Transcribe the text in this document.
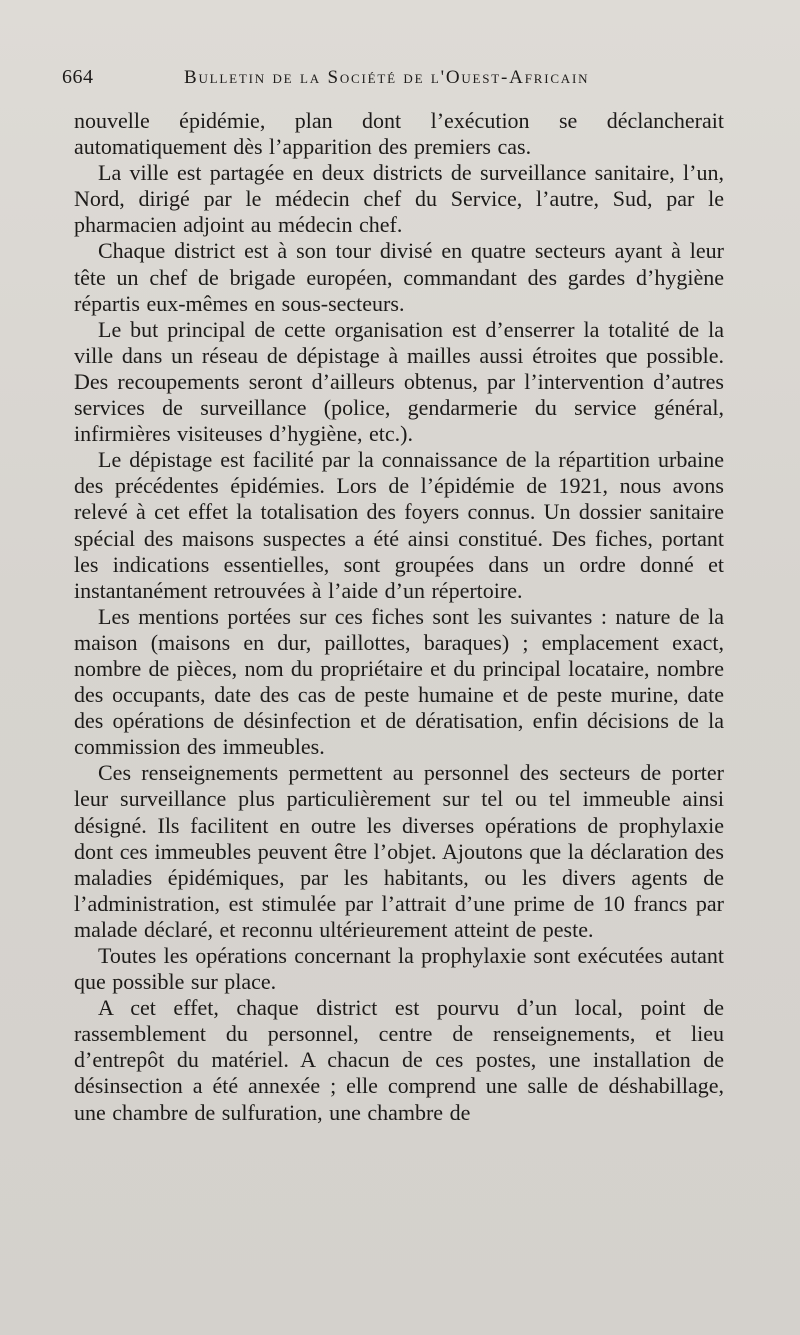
664	Bulletin de la Société de l'Ouest-Africain

nouvelle épidémie, plan dont l’exécution se déclancherait automatiquement dès l’apparition des premiers cas.

La ville est partagée en deux districts de surveillance sanitaire, l’un, Nord, dirigé par le médecin chef du Service, l’autre, Sud, par le pharmacien adjoint au médecin chef.

Chaque district est à son tour divisé en quatre secteurs ayant à leur tête un chef de brigade européen, commandant des gardes d’hygiène répartis eux-mêmes en sous-secteurs.

Le but principal de cette organisation est d’enserrer la totalité de la ville dans un réseau de dépistage à mailles aussi étroites que possible. Des recoupements seront d’ailleurs obtenus, par l’intervention d’autres services de surveillance (police, gendarmerie du service général, infirmières visiteuses d’hygiène, etc.).

Le dépistage est facilité par la connaissance de la répartition urbaine des précédentes épidémies. Lors de l’épidémie de 1921, nous avons relevé à cet effet la totalisation des foyers connus. Un dossier sanitaire spécial des maisons suspectes a été ainsi constitué. Des fiches, portant les indications essentielles, sont groupées dans un ordre donné et instantanément retrouvées à l’aide d’un répertoire.

Les mentions portées sur ces fiches sont les suivantes : nature de la maison (maisons en dur, paillottes, baraques) ; emplacement exact, nombre de pièces, nom du propriétaire et du principal locataire, nombre des occupants, date des cas de peste humaine et de peste murine, date des opérations de désinfection et de dératisation, enfin décisions de la commission des immeubles.

Ces renseignements permettent au personnel des secteurs de porter leur surveillance plus particulièrement sur tel ou tel immeuble ainsi désigné. Ils facilitent en outre les diverses opérations de prophylaxie dont ces immeubles peuvent être l’objet. Ajoutons que la déclaration des maladies épidémiques, par les habitants, ou les divers agents de l’administration, est stimulée par l’attrait d’une prime de 10 francs par malade déclaré, et reconnu ultérieurement atteint de peste.

Toutes les opérations concernant la prophylaxie sont exécutées autant que possible sur place.

A cet effet, chaque district est pourvu d’un local, point de rassemblement du personnel, centre de renseignements, et lieu d’entrepôt du matériel. A chacun de ces postes, une installation de désinsection a été annexée ; elle comprend une salle de déshabillage, une chambre de sulfuration, une chambre de
